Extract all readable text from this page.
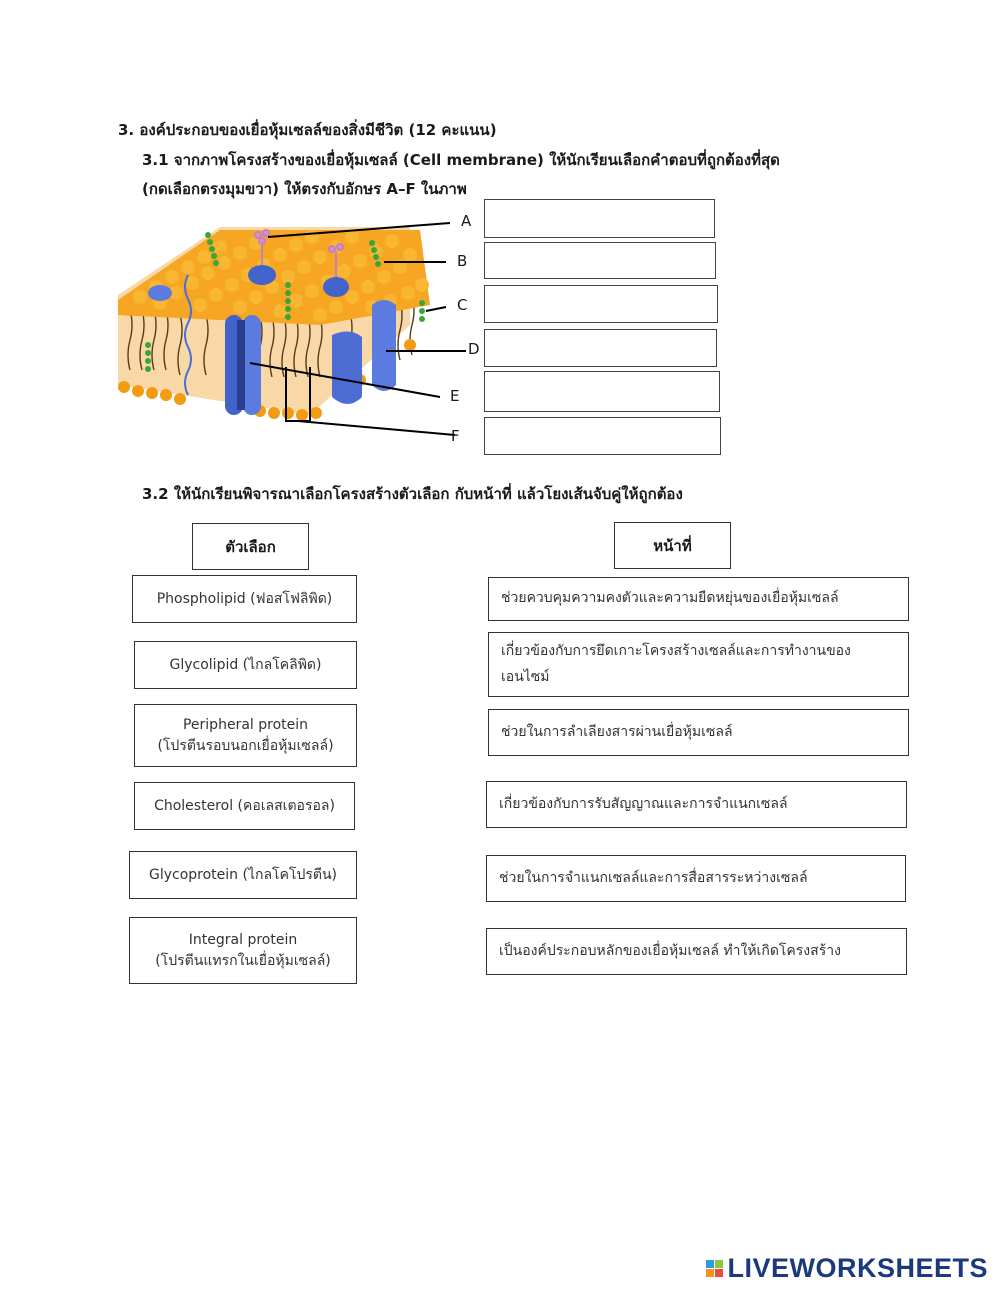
3. องค์ประกอบของเยื่อหุ้มเซลล์ของสิ่งมีชีวิต (12 คะแนน)
3.1 จากภาพโครงสร้างของเยื่อหุ้มเซลล์ (Cell membrane) ให้นักเรียนเลือกคำตอบที่ถูกต้องที่สุด
(กดเลือกตรงมุมขวา) ให้ตรงกับอักษร A–F ในภาพ
A
B
C
D
E
F
3.2 ให้นักเรียนพิจารณาเลือกโครงสร้างตัวเลือก กับหน้าที่ แล้วโยงเส้นจับคู่ให้ถูกต้อง
ตัวเลือก	หน้าที่
Phospholipid (ฟอสโฟลิพิด)
Glycolipid (ไกลโคลิพิด)
Peripheral protein
(โปรตีนรอบนอกเยื่อหุ้มเซลล์)
Cholesterol (คอเลสเตอรอล)
Glycoprotein (ไกลโคโปรตีน)
Integral protein
(โปรตีนแทรกในเยื่อหุ้มเซลล์)
ช่วยควบคุมความคงตัวและความยืดหยุ่นของเยื่อหุ้มเซลล์
เกี่ยวข้องกับการยึดเกาะโครงสร้างเซลล์และการทำงานของเอนไซม์
ช่วยในการลำเลียงสารผ่านเยื่อหุ้มเซลล์
เกี่ยวข้องกับการรับสัญญาณและการจำแนกเซลล์
ช่วยในการจำแนกเซลล์และการสื่อสารระหว่างเซลล์
เป็นองค์ประกอบหลักของเยื่อหุ้มเซลล์ ทำให้เกิดโครงสร้าง
LIVEWORKSHEETS
